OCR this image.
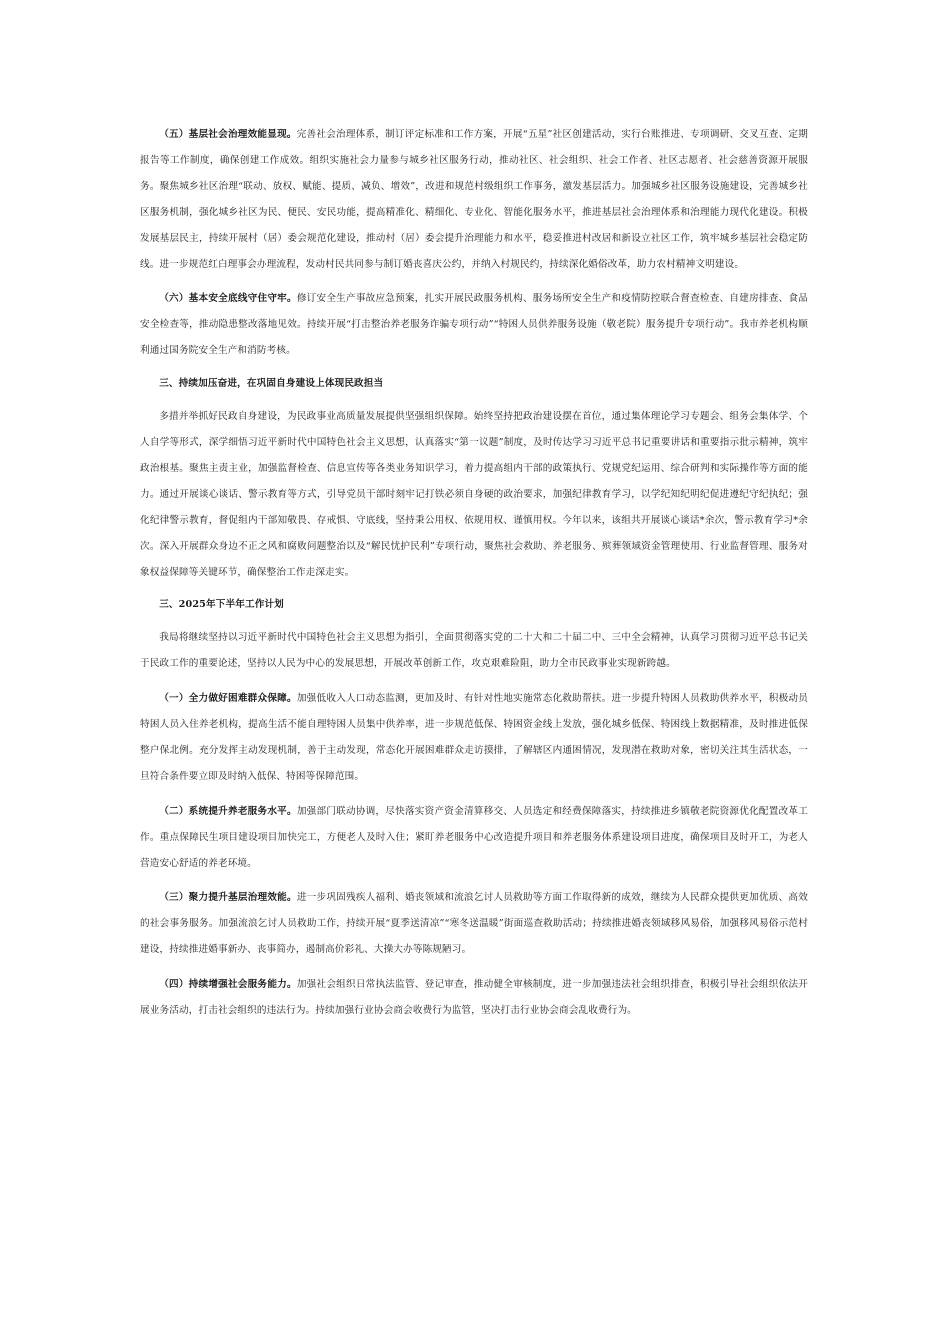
（五）基层社会治理效能显现。完善社会治理体系，制订评定标准和工作方案，开展“五星”社区创建活动，实行台账推进、专项调研、交叉互查、定期报告等工作制度，确保创建工作成效。组织实施社会力量参与城乡社区服务行动，推动社区、社会组织、社会工作者、社区志愿者、社会慈善资源开展服务。聚焦城乡社区治理“联动、放权、赋能、提质、减负、增效”，改进和规范村级组织工作事务，激发基层活力。加强城乡社区服务设施建设，完善城乡社区服务机制，强化城乡社区为民、便民、安民功能，提高精准化、精细化、专业化、智能化服务水平，推进基层社会治理体系和治理能力现代化建设。积极发展基层民主，持续开展村（居）委会规范化建设，推动村（居）委会提升治理能力和水平，稳妥推进村改居和新设立社区工作，筑牢城乡基层社会稳定防线。进一步规范红白理事会办理流程，发动村民共同参与制订婚丧喜庆公约，并纳入村规民约，持续深化婚俗改革，助力农村精神文明建设。

（六）基本安全底线守住守牢。修订安全生产事故应急预案，扎实开展民政服务机构、服务场所安全生产和疫情防控联合督查检查、自建房排查、食品安全检查等，推动隐患整改落地见效。持续开展“打击整治养老服务诈骗专项行动”“特困人员供养服务设施（敬老院）服务提升专项行动”。我市养老机构顺利通过国务院安全生产和消防考核。

三、持续加压奋进，在巩固自身建设上体现民政担当

多措并举抓好民政自身建设，为民政事业高质量发展提供坚强组织保障。始终坚持把政治建设摆在首位，通过集体理论学习专题会、组务会集体学、个人自学等形式，深学细悟习近平新时代中国特色社会主义思想，认真落实“第一议题”制度，及时传达学习习近平总书记重要讲话和重要指示批示精神，筑牢政治根基。聚焦主责主业，加强监督检查、信息宣传等各类业务知识学习，着力提高组内干部的政策执行、党规党纪运用、综合研判和实际操作等方面的能力。通过开展谈心谈话、警示教育等方式，引导党员干部时刻牢记打铁必须自身硬的政治要求，加强纪律教育学习，以学纪知纪明纪促进遵纪守纪执纪；强化纪律警示教育，督促组内干部知敬畏、存戒惧、守底线，坚持秉公用权、依规用权、谨慎用权。今年以来，该组共开展谈心谈话*余次，警示教育学习*余次。深入开展群众身边不正之风和腐败问题整治以及“解民忧护民利”专项行动，聚焦社会救助、养老服务、殡葬领域资金管理使用、行业监督管理、服务对象权益保障等关键环节，确保整治工作走深走实。

三、2025年下半年工作计划

我局将继续坚持以习近平新时代中国特色社会主义思想为指引，全面贯彻落实党的二十大和二十届二中、三中全会精神，认真学习贯彻习近平总书记关于民政工作的重要论述，坚持以人民为中心的发展思想，开展改革创新工作，攻克艰难险阻，助力全市民政事业实现新跨越。

（一）全力做好困难群众保障。加强低收入人口动态监测，更加及时、有针对性地实施常态化救助帮扶。进一步提升特困人员救助供养水平，积极动员特困人员入住养老机构，提高生活不能自理特困人员集中供养率，进一步规范低保、特困资金线上发放，强化城乡低保、特困线上数据精准，及时推进低保整户保北例。充分发挥主动发现机制，善于主动发现，常态化开展困难群众走访摸排，了解辖区内通困情况，发现潜在救助对象，密切关注其生活状态，一旦符合条件要立即及时纳入低保、特困等保障范围。

（二）系统提升养老服务水平。加强部门联动协调，尽快落实资产资金清算移交、人员选定和经费保障落实，持续推进乡镇敬老院资源优化配置改革工作。重点保障民生项目建设项目加快完工，方便老人及时入住；紧盯养老服务中心改造提升项目和养老服务体系建设项目进度，确保项目及时开工，为老人营造安心舒适的养老环境。

（三）聚力提升基层治理效能。进一步巩固残疾人福利、婚丧领域和流浪乞讨人员救助等方面工作取得新的成效，继续为人民群众提供更加优质、高效的社会事务服务。加强流浪乞讨人员救助工作，持续开展“夏季送清凉”“寒冬送温暖”街面巡查救助活动；持续推进婚丧领域移风易俗，加强移风易俗示范村建设，持续推进婚事新办、丧事简办，遏制高价彩礼、大操大办等陈规陋习。

（四）持续增强社会服务能力。加强社会组织日常执法监管、登记审查，推动健全审核制度，进一步加强违法社会组织排查，积极引导社会组织依法开展业务活动，打击社会组织的违法行为。持续加强行业协会商会收费行为监管，坚决打击行业协会商会乱收费行为。
